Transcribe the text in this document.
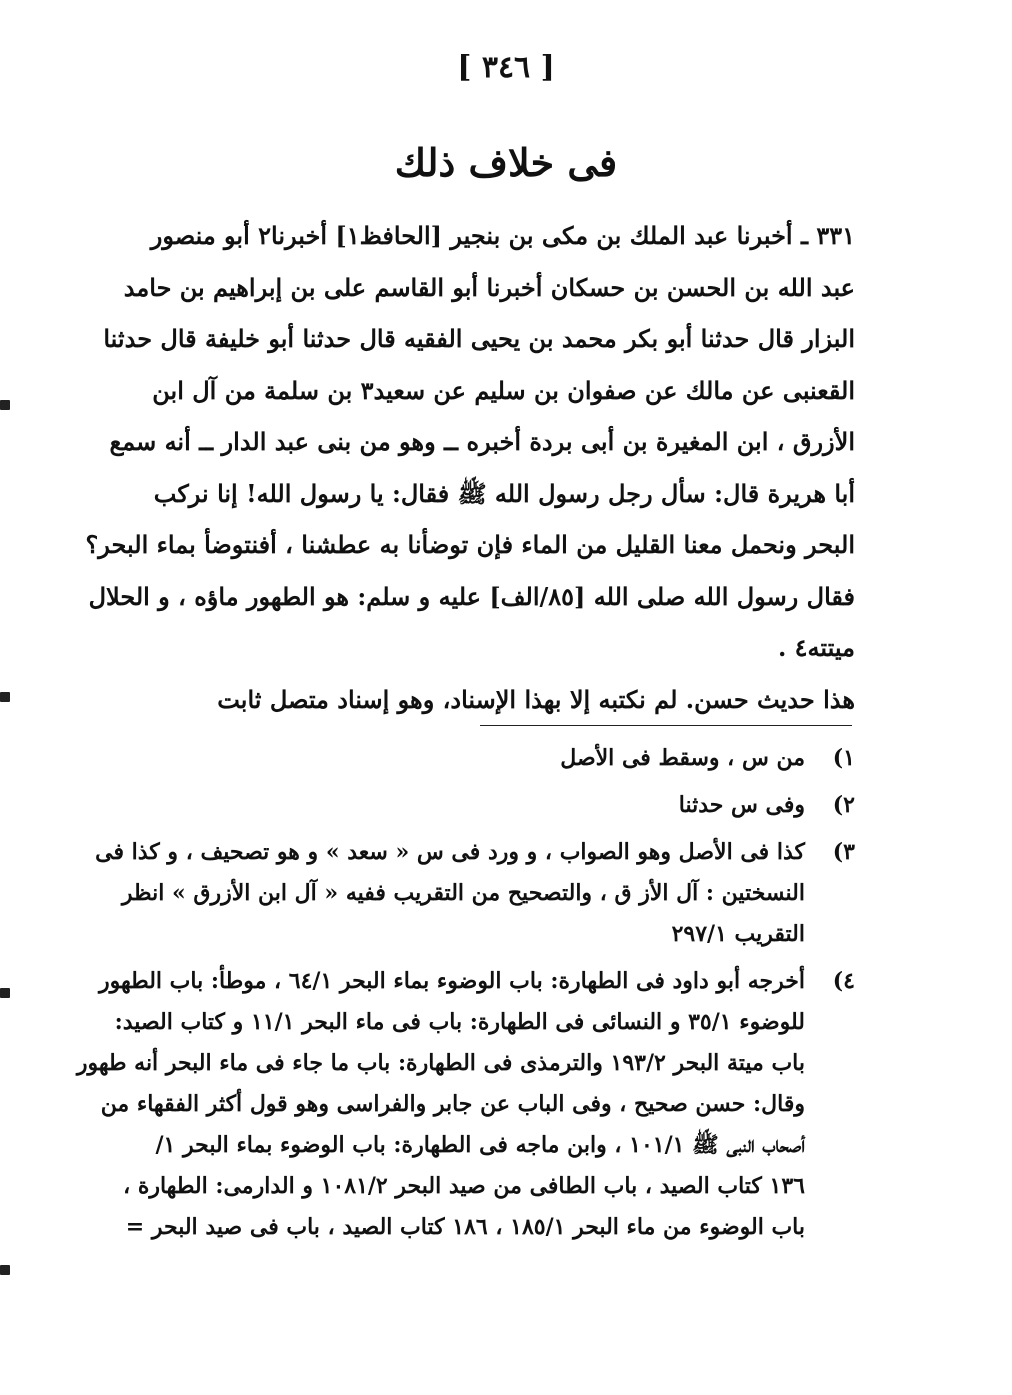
[ ٣٤٦ ]
فى خلاف ذلك

٣٣١ ـ أخبرنا عبد الملك بن مكى بن بنجير [الحافظ١] أخبرنا٢ أبو منصور
عبد الله بن الحسن بن حسكان أخبرنا أبو القاسم على بن إبراهيم بن حامد
البزار قال حدثنا أبو بكر محمد بن يحيى الفقيه قال حدثنا أبو خليفة قال حدثنا
القعنبى عن مالك عن صفوان بن سليم عن سعيد٣ بن سلمة من آل ابن
الأزرق ، ابن المغيرة بن أبى بردة أخبره ــ وهو من بنى عبد الدار ــ أنه سمع
أبا هريرة قال: سأل رجل رسول الله ﷺ فقال: يا رسول الله! إنا نركب
البحر ونحمل معنا القليل من الماء فإن توضأنا به عطشنا ، أفنتوضأ بماء البحر؟
فقال رسول الله صلى الله [٨٥/الف] عليه و سلم: هو الطهور ماؤه ، و الحلال
ميتته٤ .

هذا حديث حسن. لم نكتبه إلا بهذا الإسناد، وهو إسناد متصل ثابت

١)
من س ، وسقط فى الأصل
٢)
وفى س حدثنا
٣)
كذا فى الأصل وهو الصواب ، و ورد فى س « سعد » و هو تصحيف ، و كذا فى
النسختين : آل الأز ق ، والتصحيح من التقريب ففيه « آل ابن الأزرق » انظر
التقريب ٢٩٧/١
٤)
أخرجه أبو داود فى الطهارة: باب الوضوء بماء البحر ٦٤/١ ، موطأ: باب الطهور
للوضوء ٣٥/١ و النسائى فى الطهارة: باب فى ماء البحر ١١/١ و كتاب الصيد:
باب ميتة البحر ١٩٣/٢ والترمذى فى الطهارة: باب ما جاء فى ماء البحر أنه طهور
وقال: حسن صحيح ، وفى الباب عن جابر والفراسى وهو قول أكثر الفقهاء من
أصحاب النبى ﷺ ١٠١/١ ، وابن ماجه فى الطهارة: باب الوضوء بماء البحر ١/
١٣٦ كتاب الصيد ، باب الطافى من صيد البحر ١٠٨١/٢ و الدارمى: الطهارة ،
باب الوضوء من ماء البحر ١٨٥/١ ، ١٨٦ كتاب الصيد ، باب فى صيد البحر =
